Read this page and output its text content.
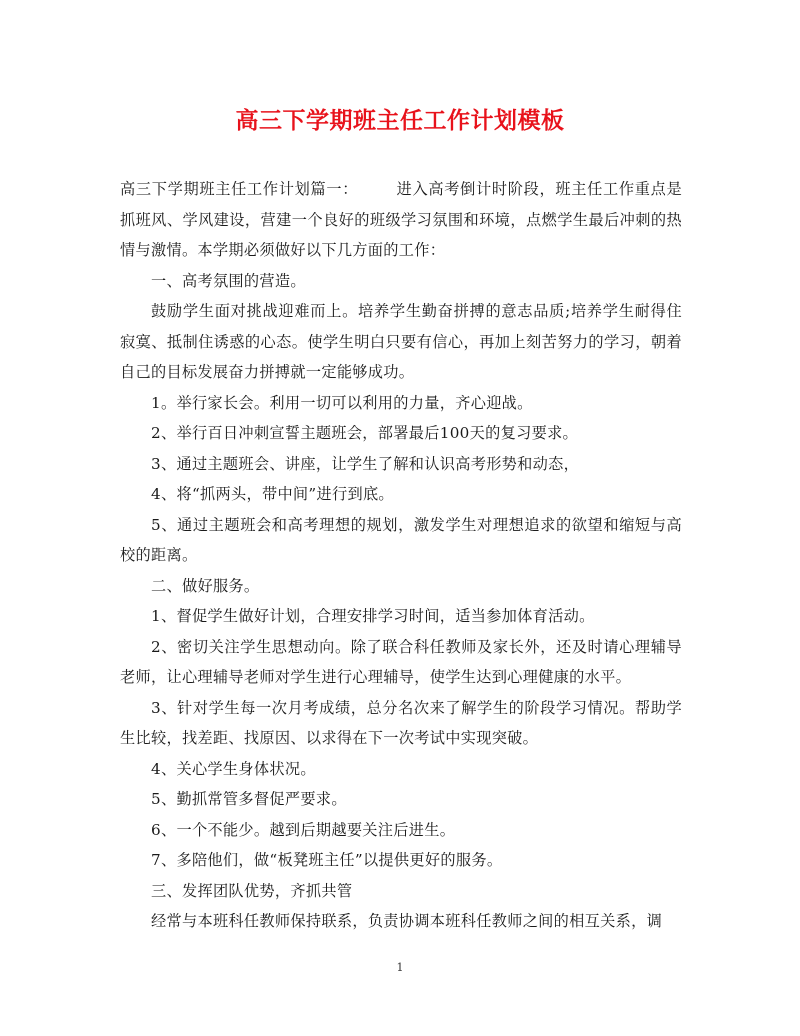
高三下学期班主任工作计划模板

高三下学期班主任工作计划篇一：	进入高考倒计时阶段，班主任工作重点是抓班风、学风建设，营建一个良好的班级学习氛围和环境，点燃学生最后冲刺的热情与激情。本学期必须做好以下几方面的工作：

一、高考氛围的营造。

鼓励学生面对挑战迎难而上。培养学生勤奋拼搏的意志品质;培养学生耐得住寂寞、抵制住诱惑的心态。使学生明白只要有信心，再加上刻苦努力的学习，朝着自己的目标发展奋力拼搏就一定能够成功。

1。举行家长会。利用一切可以利用的力量，齐心迎战。

2、举行百日冲刺宣誓主题班会，部署最后100天的复习要求。

3、通过主题班会、讲座，让学生了解和认识高考形势和动态，

4、将“抓两头，带中间”进行到底。

5、通过主题班会和高考理想的规划，激发学生对理想追求的欲望和缩短与高校的距离。

二、做好服务。

1、督促学生做好计划，合理安排学习时间，适当参加体育活动。

2、密切关注学生思想动向。除了联合科任教师及家长外，还及时请心理辅导老师，让心理辅导老师对学生进行心理辅导，使学生达到心理健康的水平。

3、针对学生每一次月考成绩，总分名次来了解学生的阶段学习情况。帮助学生比较，找差距、找原因、以求得在下一次考试中实现突破。

4、关心学生身体状况。

5、勤抓常管多督促严要求。

6、一个不能少。越到后期越要关注后进生。

7、多陪他们，做“板凳班主任”以提供更好的服务。

三、发挥团队优势，齐抓共管

经常与本班科任教师保持联系，负责协调本班科任教师之间的相互关系，调

1
